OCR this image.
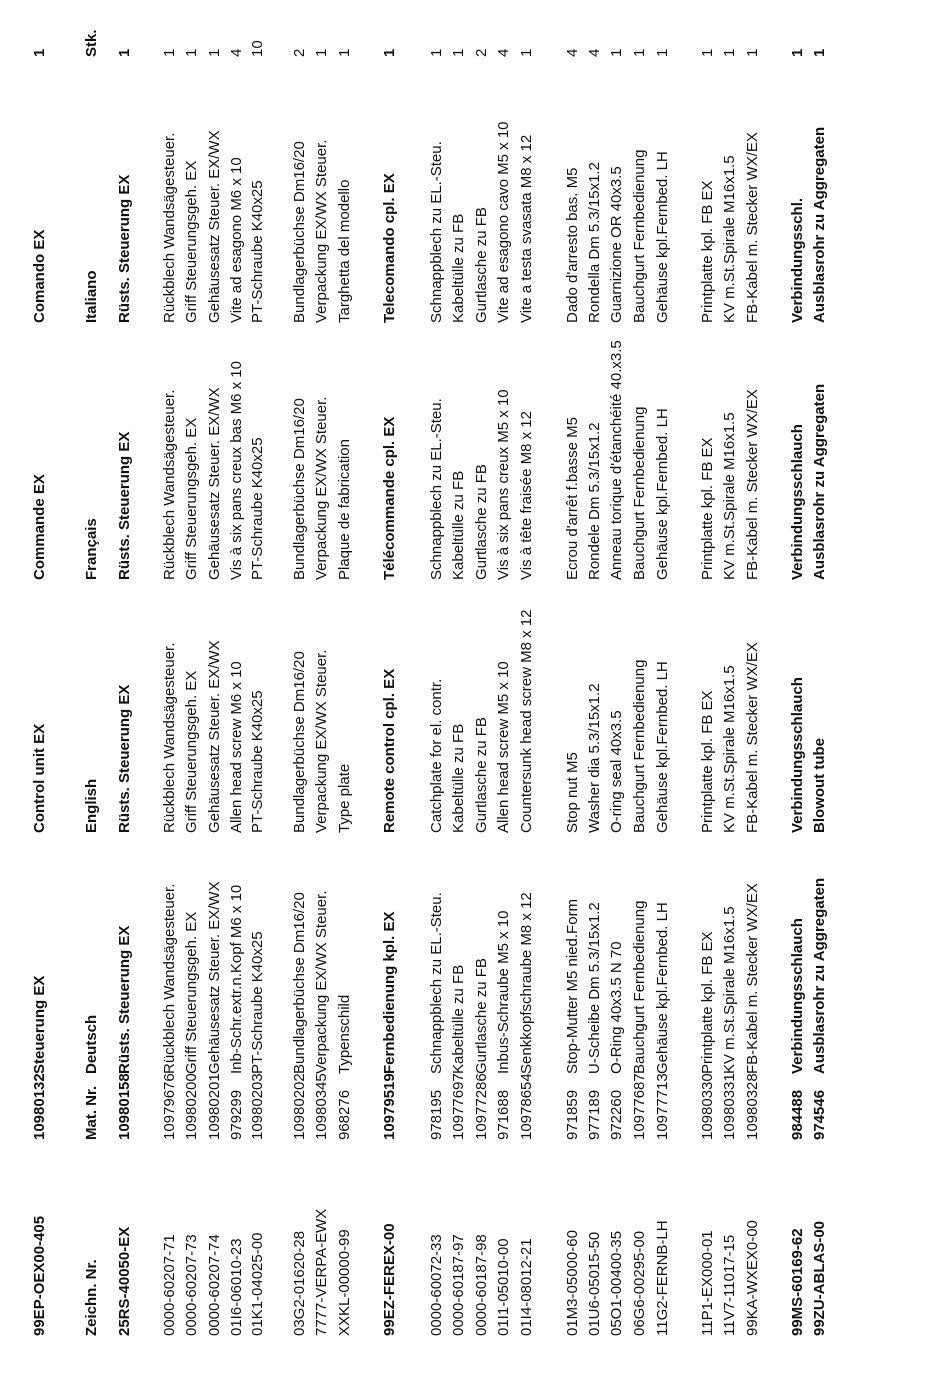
99EP-OEX00-405
10980132
Steuerung EX
Control unit EX
Commande EX
Comando EX
1
Zeichn. Nr.
Mat. Nr.
Deutsch
English
Français
Italiano
Stk.
25RS-40050-EX
10980158
Rüsts. Steuerung EX
Rüsts. Steuerung EX
Rüsts. Steuerung EX
Rüsts. Steuerung EX
1
0000-60207-71
10979676
Rückblech Wandsägesteuer.
Rückblech Wandsägesteuer.
Rückblech Wandsägesteuer.
Rückblech Wandsägesteuer.
1
0000-60207-73
10980200
Griff Steuerungsgeh. EX
Griff Steuerungsgeh. EX
Griff Steuerungsgeh. EX
Griff Steuerungsgeh. EX
1
0000-60207-74
10980201
Gehäusesatz Steuer. EX/WX
Gehäusesatz Steuer. EX/WX
Gehäusesatz Steuer. EX/WX
Gehäusesatz Steuer. EX/WX
1
01I6-06010-23
979299
Inb-Schr.extr.n.Kopf M6 x 10
Allen head screw M6 x 10
Vis à six pans creux bas M6 x 10
Vite ad esagono M6 x 10
4
01K1-04025-00
10980203
PT-Schraube K40x25
PT-Schraube K40x25
PT-Schraube K40x25
PT-Schraube K40x25
10
03G2-01620-28
10980202
Bundlagerbüchse Dm16/20
Bundlagerbüchse Dm16/20
Bundlagerbüchse Dm16/20
Bundlagerbüchse Dm16/20
2
7777-VERPA-EWX
10980345
Verpackung EX/WX Steuer.
Verpackung EX/WX Steuer.
Verpackung EX/WX Steuer.
Verpackung EX/WX Steuer.
1
XXKL-00000-99
968276
Typenschild
Type plate
Plaque de fabrication
Targhetta del modello
1
99EZ-FEREX-00
10979519
Fernbedienung kpl. EX
Remote control cpl. EX
Télécommande cpl. EX
Telecomando cpl. EX
1
0000-60072-33
978195
Schnappblech zu EL.-Steu.
Catchplate for el. contr.
Schnappblech zu EL.-Steu.
Schnappblech zu EL.-Steu.
1
0000-60187-97
10977697
Kabeltülle zu FB
Kabeltülle zu FB
Kabeltülle zu FB
Kabeltülle zu FB
1
0000-60187-98
10977286
Gurtlasche zu FB
Gurtlasche zu FB
Gurtlasche zu FB
Gurtlasche zu FB
2
01I1-05010-00
971688
Inbus-Schraube M5 x 10
Allen head screw M5 x 10
Vis à six pans creux M5 x 10
Vite ad esagono cavo M5 x 10
4
01I4-08012-21
10978654
Senkkopfschraube M8 x 12
Countersunk head screw M8 x 12
Vis à tête fraisée M8 x 12
Vite a testa svasata M8 x 12
1
01M3-05000-60
971859
Stop-Mutter M5 nied.Form
Stop nut M5
Ecrou d'arrêt f.basse M5
Dado d'arresto bas. M5
4
01U6-05015-50
977189
U-Scheibe Dm 5.3/15x1.2
Washer dia 5.3/15x1.2
Rondele Dm 5.3/15x1.2
Rondella Dm 5.3/15x1.2
4
05O1-00400-35
972260
O-Ring 40x3.5 N 70
O-ring seal 40x3.5
Anneau torique d'étanchéité 40.x3.5
Guarnizione OR 40x3.5
1
06G6-00295-00
10977687
Bauchgurt Fernbedienung
Bauchgurt Fernbedienung
Bauchgurt Fernbedienung
Bauchgurt Fernbedienung
1
11G2-FERNB-LH
10977713
Gehäuse kpl.Fernbed. LH
Gehäuse kpl.Fernbed. LH
Gehäuse kpl.Fernbed. LH
Gehäuse kpl.Fernbed. LH
1
11P1-EX000-01
10980330
Printplatte kpl. FB EX
Printplatte kpl. FB EX
Printplatte kpl. FB EX
Printplatte kpl. FB EX
1
11V7-11017-15
10980331
KV m.St.Spirale M16x1.5
KV m.St.Spirale M16x1.5
KV m.St.Spirale M16x1.5
KV m.St.Spirale M16x1.5
1
99KA-WXEX0-00
10980328
FB-Kabel m. Stecker WX/EX
FB-Kabel m. Stecker WX/EX
FB-Kabel m. Stecker WX/EX
FB-Kabel m. Stecker WX/EX
1
99MS-60169-62
984488
Verbindungsschlauch
Verbindungsschlauch
Verbindungsschlauch
Verbindungsschl.
1
99ZU-ABLAS-00
974546
Ausblasrohr zu Aggregaten
Blowout tube
Ausblasrohr zu Aggregaten
Ausblasrohr zu Aggregaten
1
